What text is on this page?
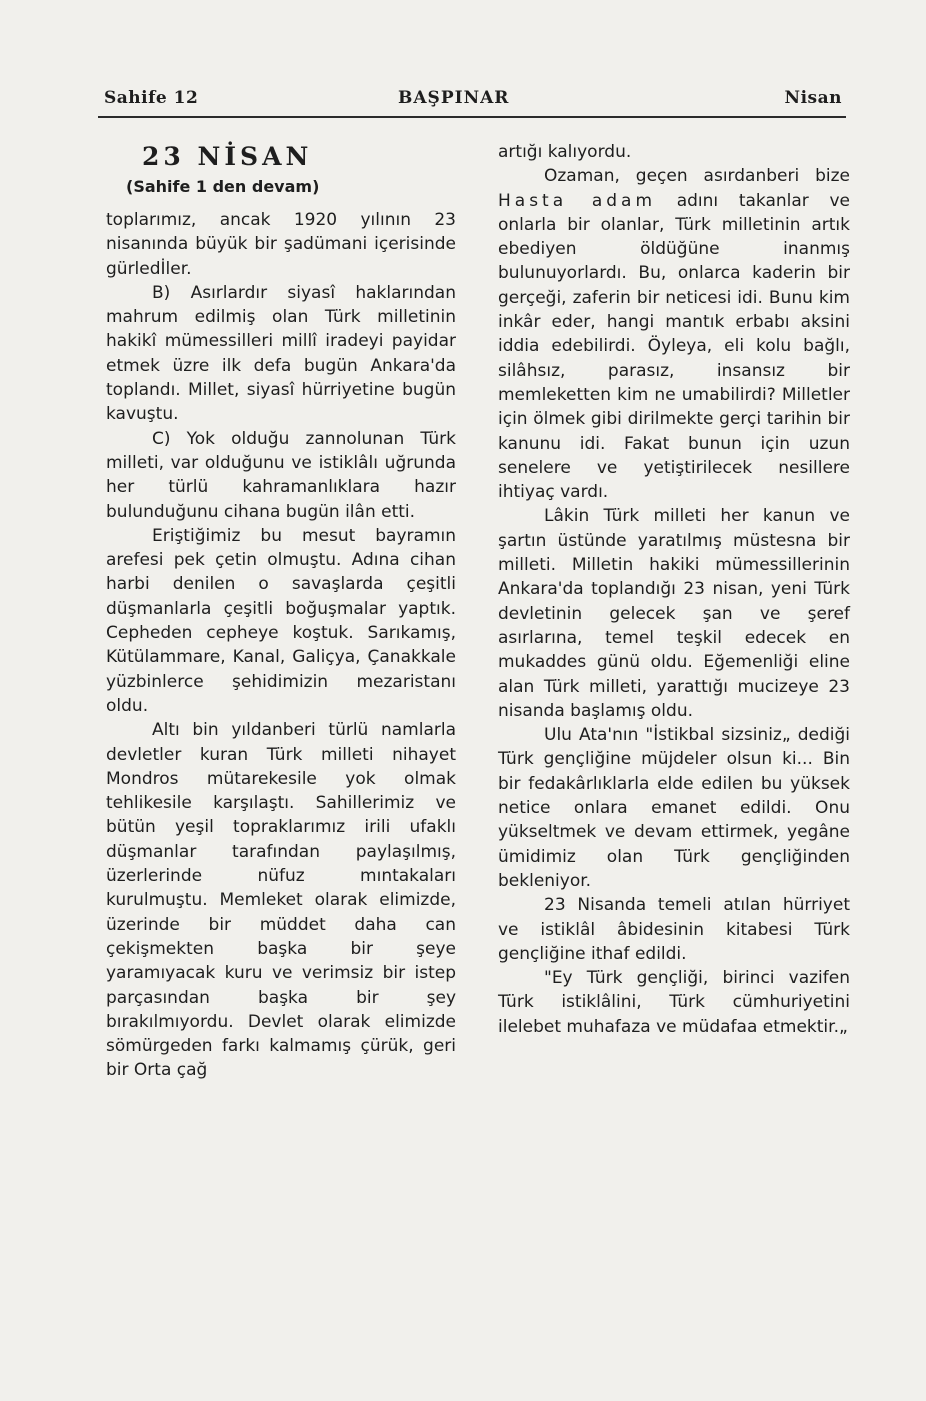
Sahife 12	BAŞPINAR	Nisan
23 NİSAN
(Sahife 1 den devam)

toplarımız, ancak 1920 yılının 23 nisanında büyük bir şadümani içerisinde gürledİler.

B) Asırlardır siyasî haklarından mahrum edilmiş olan Türk milletinin hakikî mümessilleri millî iradeyi payidar etmek üzre ilk defa bugün Ankara'da toplandı. Millet, siyasî hürriyetine bugün kavuştu.

C) Yok olduğu zannolunan Türk milleti, var olduğunu ve istiklâlı uğrunda her türlü kahramanlıklara hazır bulunduğunu cihana bugün ilân etti.

Eriştiğimiz bu mesut bayramın arefesi pek çetin olmuştu. Adına cihan harbi denilen o savaşlarda çeşitli düşmanlarla çeşitli boğuşmalar yaptık. Cepheden cepheye koştuk. Sarıkamış, Kütülammare, Kanal, Galiçya, Çanakkale yüzbinlerce şehidimizin mezaristanı oldu.

Altı bin yıldanberi türlü namlarla devletler kuran Türk milleti nihayet Mondros mütarekesile yok olmak tehlikesile karşılaştı. Sahillerimiz ve bütün yeşil topraklarımız irili ufaklı düşmanlar tarafından paylaşılmış, üzerlerinde nüfuz mıntakaları kurulmuştu. Memleket olarak elimizde, üzerinde bir müddet daha can çekişmekten başka bir şeye yaramıyacak kuru ve verimsiz bir istep parçasından başka bir şey bırakılmıyordu. Devlet olarak elimizde sömürgeden farkı kalmamış çürük, geri bir Orta çağ

artığı kalıyordu.

Ozaman, geçen asırdanberi bize Hasta adam adını takanlar ve onlarla bir olanlar, Türk milletinin artık ebediyen öldüğüne inanmış bulunuyorlardı. Bu, onlarca kaderin bir gerçeği, zaferin bir neticesi idi. Bunu kim inkâr eder, hangi mantık erbabı aksini iddia edebilirdi. Öyleya, eli kolu bağlı, silâhsız, parasız, insansız bir memleketten kim ne umabilirdi? Milletler için ölmek gibi dirilmekte gerçi tarihin bir kanunu idi. Fakat bunun için uzun senelere ve yetiştirilecek nesillere ihtiyaç vardı.

Lâkin Türk milleti her kanun ve şartın üstünde yaratılmış müstesna bir milleti. Milletin hakiki mümessillerinin Ankara'da toplandığı 23 nisan, yeni Türk devletinin gelecek şan ve şeref asırlarına, temel teşkil edecek en mukaddes günü oldu. Eğemenliği eline alan Türk milleti, yarattığı mucizeye 23 nisanda başlamış oldu.

Ulu Ata'nın "İstikbal sizsiniz„ dediği Türk gençliğine müjdeler olsun ki... Bin bir fedakârlıklarla elde edilen bu yüksek netice onlara emanet edildi. Onu yükseltmek ve devam ettirmek, yegâne ümidimiz olan Türk gençliğinden bekleniyor.

23 Nisanda temeli atılan hürriyet ve istiklâl âbidesinin kitabesi Türk gençliğine ithaf edildi.

"Ey Türk gençliği, birinci vazifen Türk istiklâlini, Türk cümhuriyetini ilelebet muhafaza ve müdafaa etmektir.„
